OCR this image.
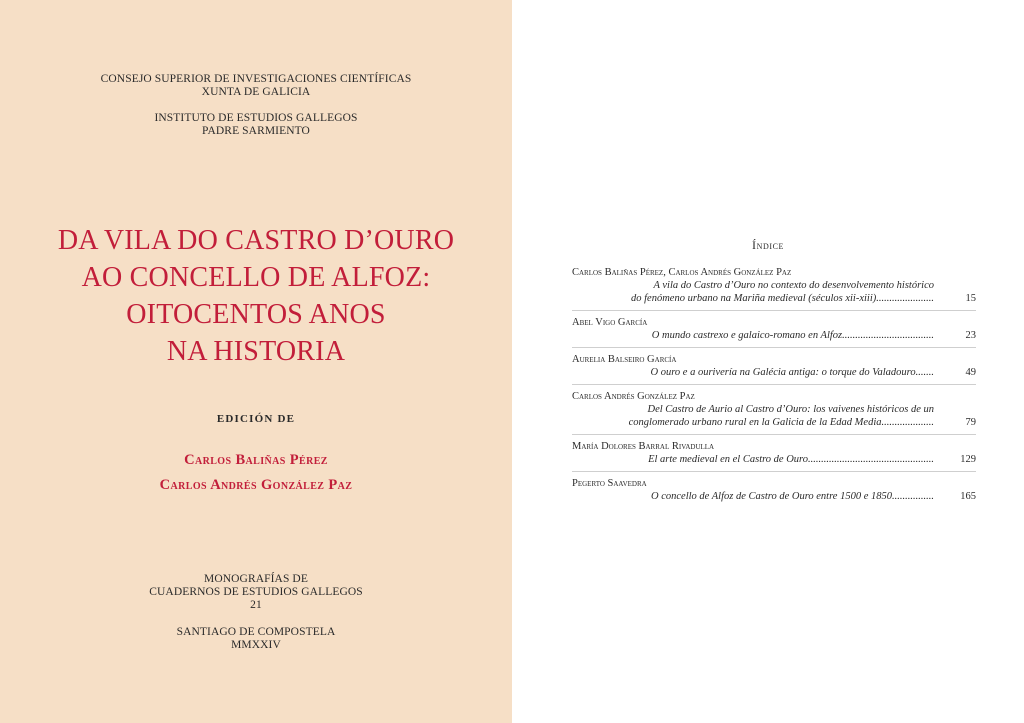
CONSEJO SUPERIOR DE INVESTIGACIONES CIENTÍFICAS
XUNTA DE GALICIA
INSTITUTO DE ESTUDIOS GALLEGOS
PADRE SARMIENTO
DA VILA DO CASTRO D’OURO
AO CONCELLO DE ALFOZ:
OITOCENTOS ANOS
NA HISTORIA
EDICIÓN DE
Carlos Baliñas Pérez
Carlos Andrés González Paz
MONOGRAFÍAS DE
CUADERNOS DE ESTUDIOS GALLEGOS
21
SANTIAGO DE COMPOSTELA
MMXXIV
Índice
Carlos Baliñas Pérez, Carlos Andrés González Paz
A vila do Castro d’Ouro no contexto do desenvolvemento histórico
do fenómeno urbano na Mariña medieval (séculos xii-xiii)......................	15
Abel Vigo García
O mundo castrexo e galaico-romano en Alfoz...................................	23
Aurelia Balseiro García
O ouro e a ourivería na Galécia antiga: o torque do Valadouro.......	49
Carlos Andrés González Paz
Del Castro de Aurio al Castro d’Ouro: los vaivenes históricos de un
conglomerado urbano rural en la Galicia de la Edad Media....................	79
María Dolores Barral Rivadulla
El arte medieval en el Castro de Ouro................................................	129
Pegerto Saavedra
O concello de Alfoz de Castro de Ouro entre 1500 e 1850................	165
